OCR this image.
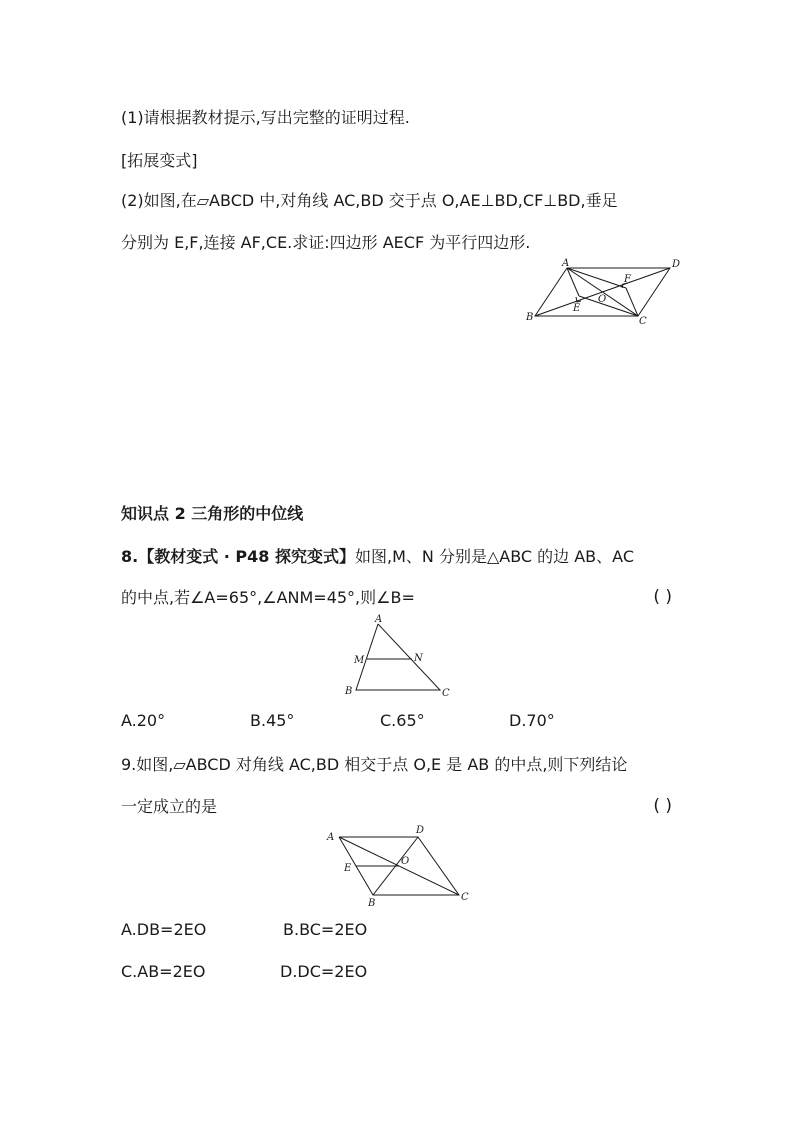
(1)请根据教材提示,写出完整的证明过程.
[拓展变式]
(2)如图,在▱ABCD 中,对角线 AC,BD 交于点 O,AE⊥BD,CF⊥BD,垂足
分别为 E,F,连接 AF,CE.求证:四边形 AECF 为平行四边形.
A	D
F
O
B
E
C
知识点 2 三角形的中位线
8.【教材变式 · P48 探究变式】如图,M、N 分别是△ABC 的边 AB、AC
的中点,若∠A=65°,∠ANM=45°,则∠B=	( )
A
M	N
B	C
A.20°	B.45°	C.65°	D.70°
9.如图,▱ABCD 对角线 AC,BD 相交于点 O,E 是 AB 的中点,则下列结论
一定成立的是	( )
A
D
E
O
B
C
A.DB=2EO	B.BC=2EO
C.AB=2EO	D.DC=2EO
